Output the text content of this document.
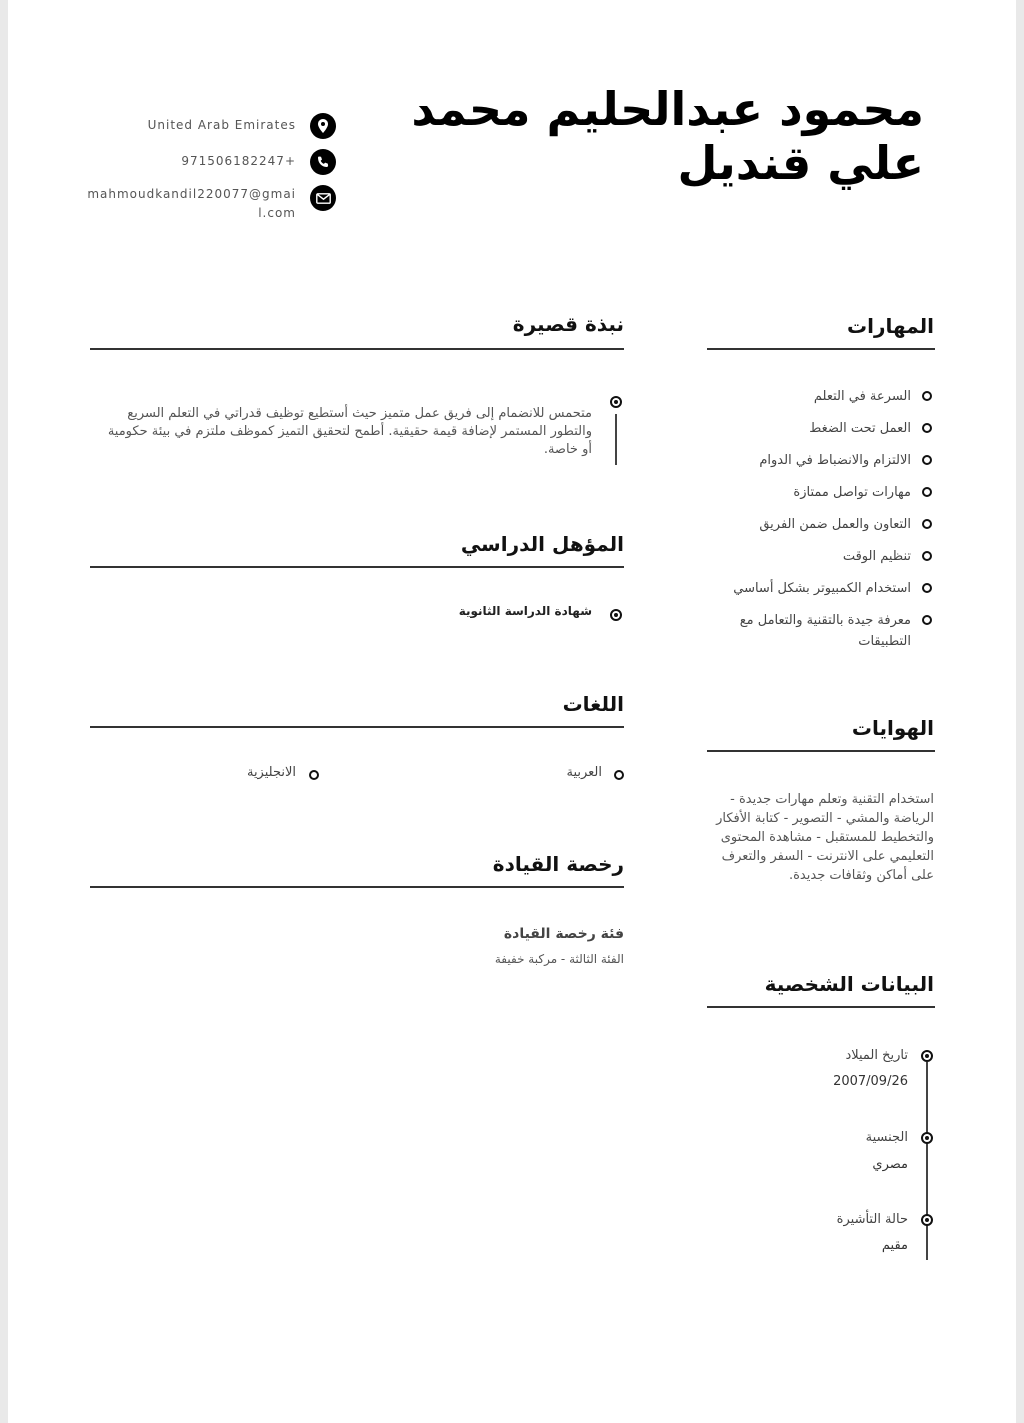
محمود عبدالحليم محمد علي قنديل
United Arab Emirates
971506182247+
mahmoudkandil220077@gmail.com
نبذة قصيرة
متحمس للانضمام إلى فريق عمل متميز حيث أستطيع توظيف قدراتي في التعلم السريع والتطور المستمر لإضافة قيمة حقيقية. أطمح لتحقيق التميز كموظف ملتزم في بيئة حكومية أو خاصة.
المؤهل الدراسي
شهادة الدراسة الثانوية
اللغات
العربية
الانجليزية
رخصة القيادة
فئة رخصة القيادة
الفئة الثالثة - مركبة خفيفة
المهارات
السرعة في التعلم
العمل تحت الضغط
الالتزام والانضباط في الدوام
مهارات تواصل ممتازة
التعاون والعمل ضمن الفريق
تنظيم الوقت
استخدام الكمبيوتر بشكل أساسي
معرفة جيدة بالتقنية والتعامل مع التطبيقات
الهوايات
استخدام التقنية وتعلم مهارات جديدة - الرياضة والمشي - التصوير - كتابة الأفكار والتخطيط للمستقبل - مشاهدة المحتوى التعليمي على الانترنت - السفر والتعرف على أماكن وثقافات جديدة.
البيانات الشخصية
تاريخ الميلاد
2007/09/26
الجنسية
مصري
حالة التأشيرة
مقيم
